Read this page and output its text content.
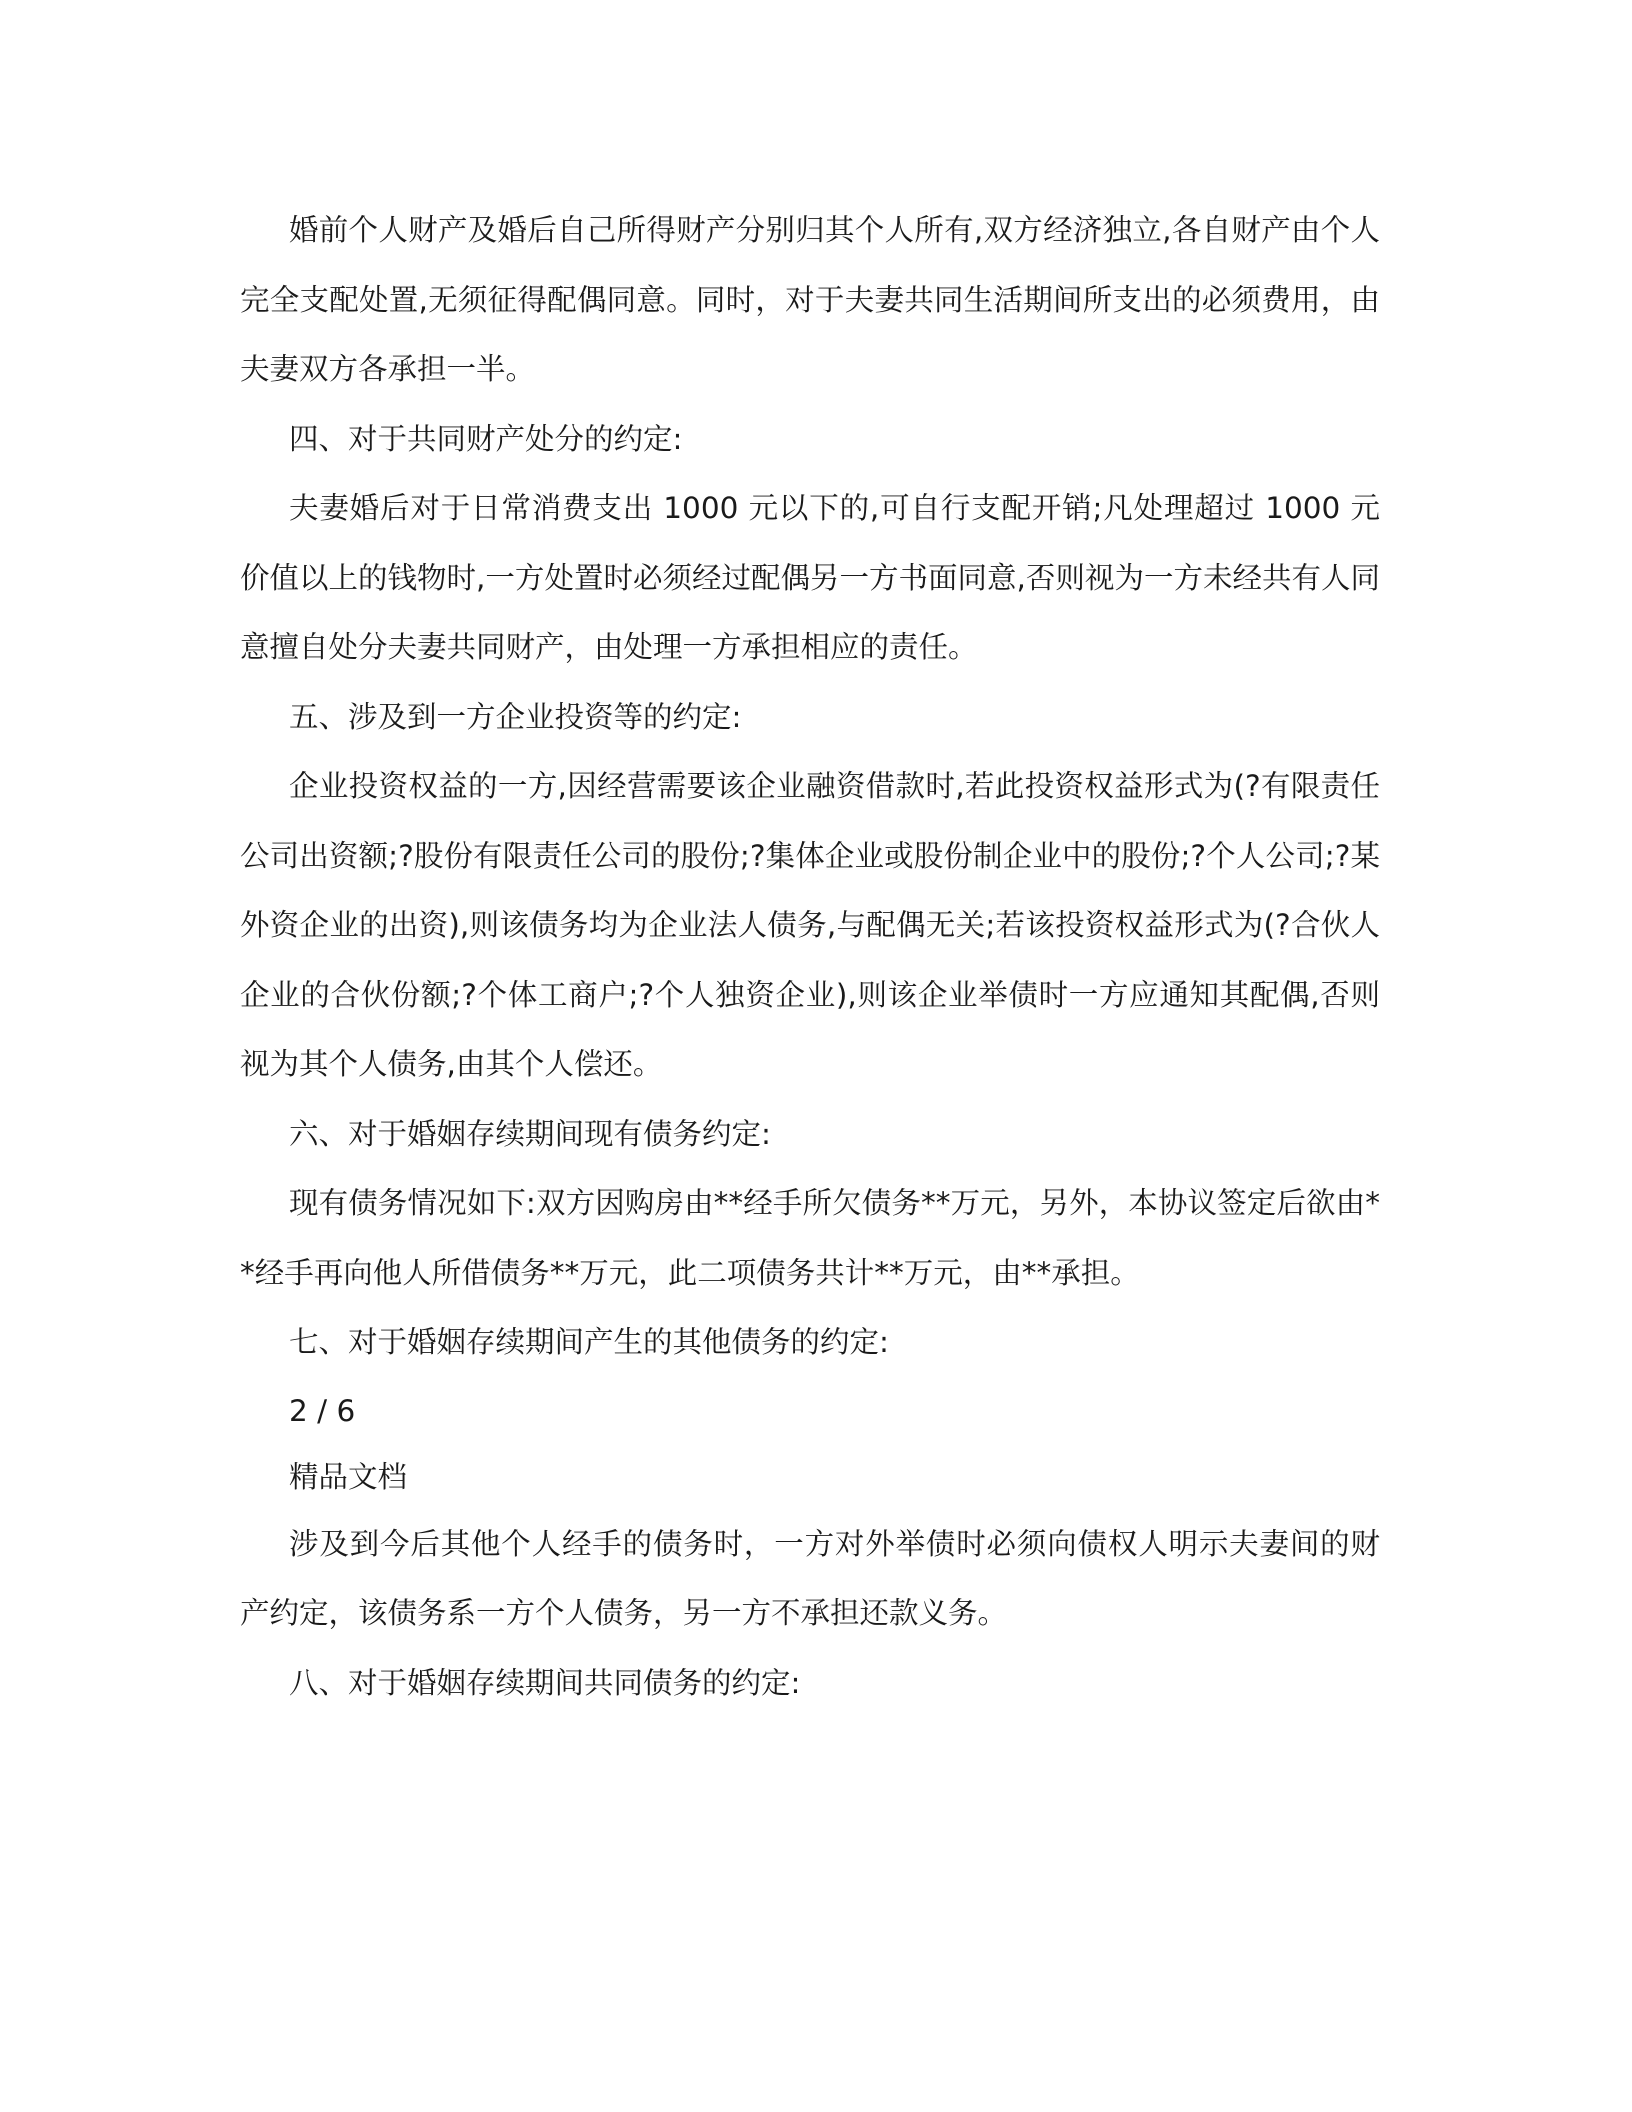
婚前个人财产及婚后自己所得财产分别归其个人所有,双方经济独立,各自财产由个人完全支配处置,无须征得配偶同意。同时，对于夫妻共同生活期间所支出的必须费用，由夫妻双方各承担一半。

四、对于共同财产处分的约定:

夫妻婚后对于日常消费支出 1000 元以下的,可自行支配开销;凡处理超过 1000 元价值以上的钱物时,一方处置时必须经过配偶另一方书面同意,否则视为一方未经共有人同意擅自处分夫妻共同财产，由处理一方承担相应的责任。

五、涉及到一方企业投资等的约定:

企业投资权益的一方,因经营需要该企业融资借款时,若此投资权益形式为(?有限责任公司出资额;?股份有限责任公司的股份;?集体企业或股份制企业中的股份;?个人公司;?某外资企业的出资),则该债务均为企业法人债务,与配偶无关;若该投资权益形式为(?合伙人企业的合伙份额;?个体工商户;?个人独资企业),则该企业举债时一方应通知其配偶,否则视为其个人债务,由其个人偿还。

六、对于婚姻存续期间现有债务约定:

现有债务情况如下:双方因购房由**经手所欠债务**万元，另外，本协议签定后欲由**经手再向他人所借债务**万元，此二项债务共计**万元，由**承担。

七、对于婚姻存续期间产生的其他债务的约定:

2 / 6

精品文档

涉及到今后其他个人经手的债务时，一方对外举债时必须向债权人明示夫妻间的财产约定，该债务系一方个人债务，另一方不承担还款义务。

八、对于婚姻存续期间共同债务的约定:
